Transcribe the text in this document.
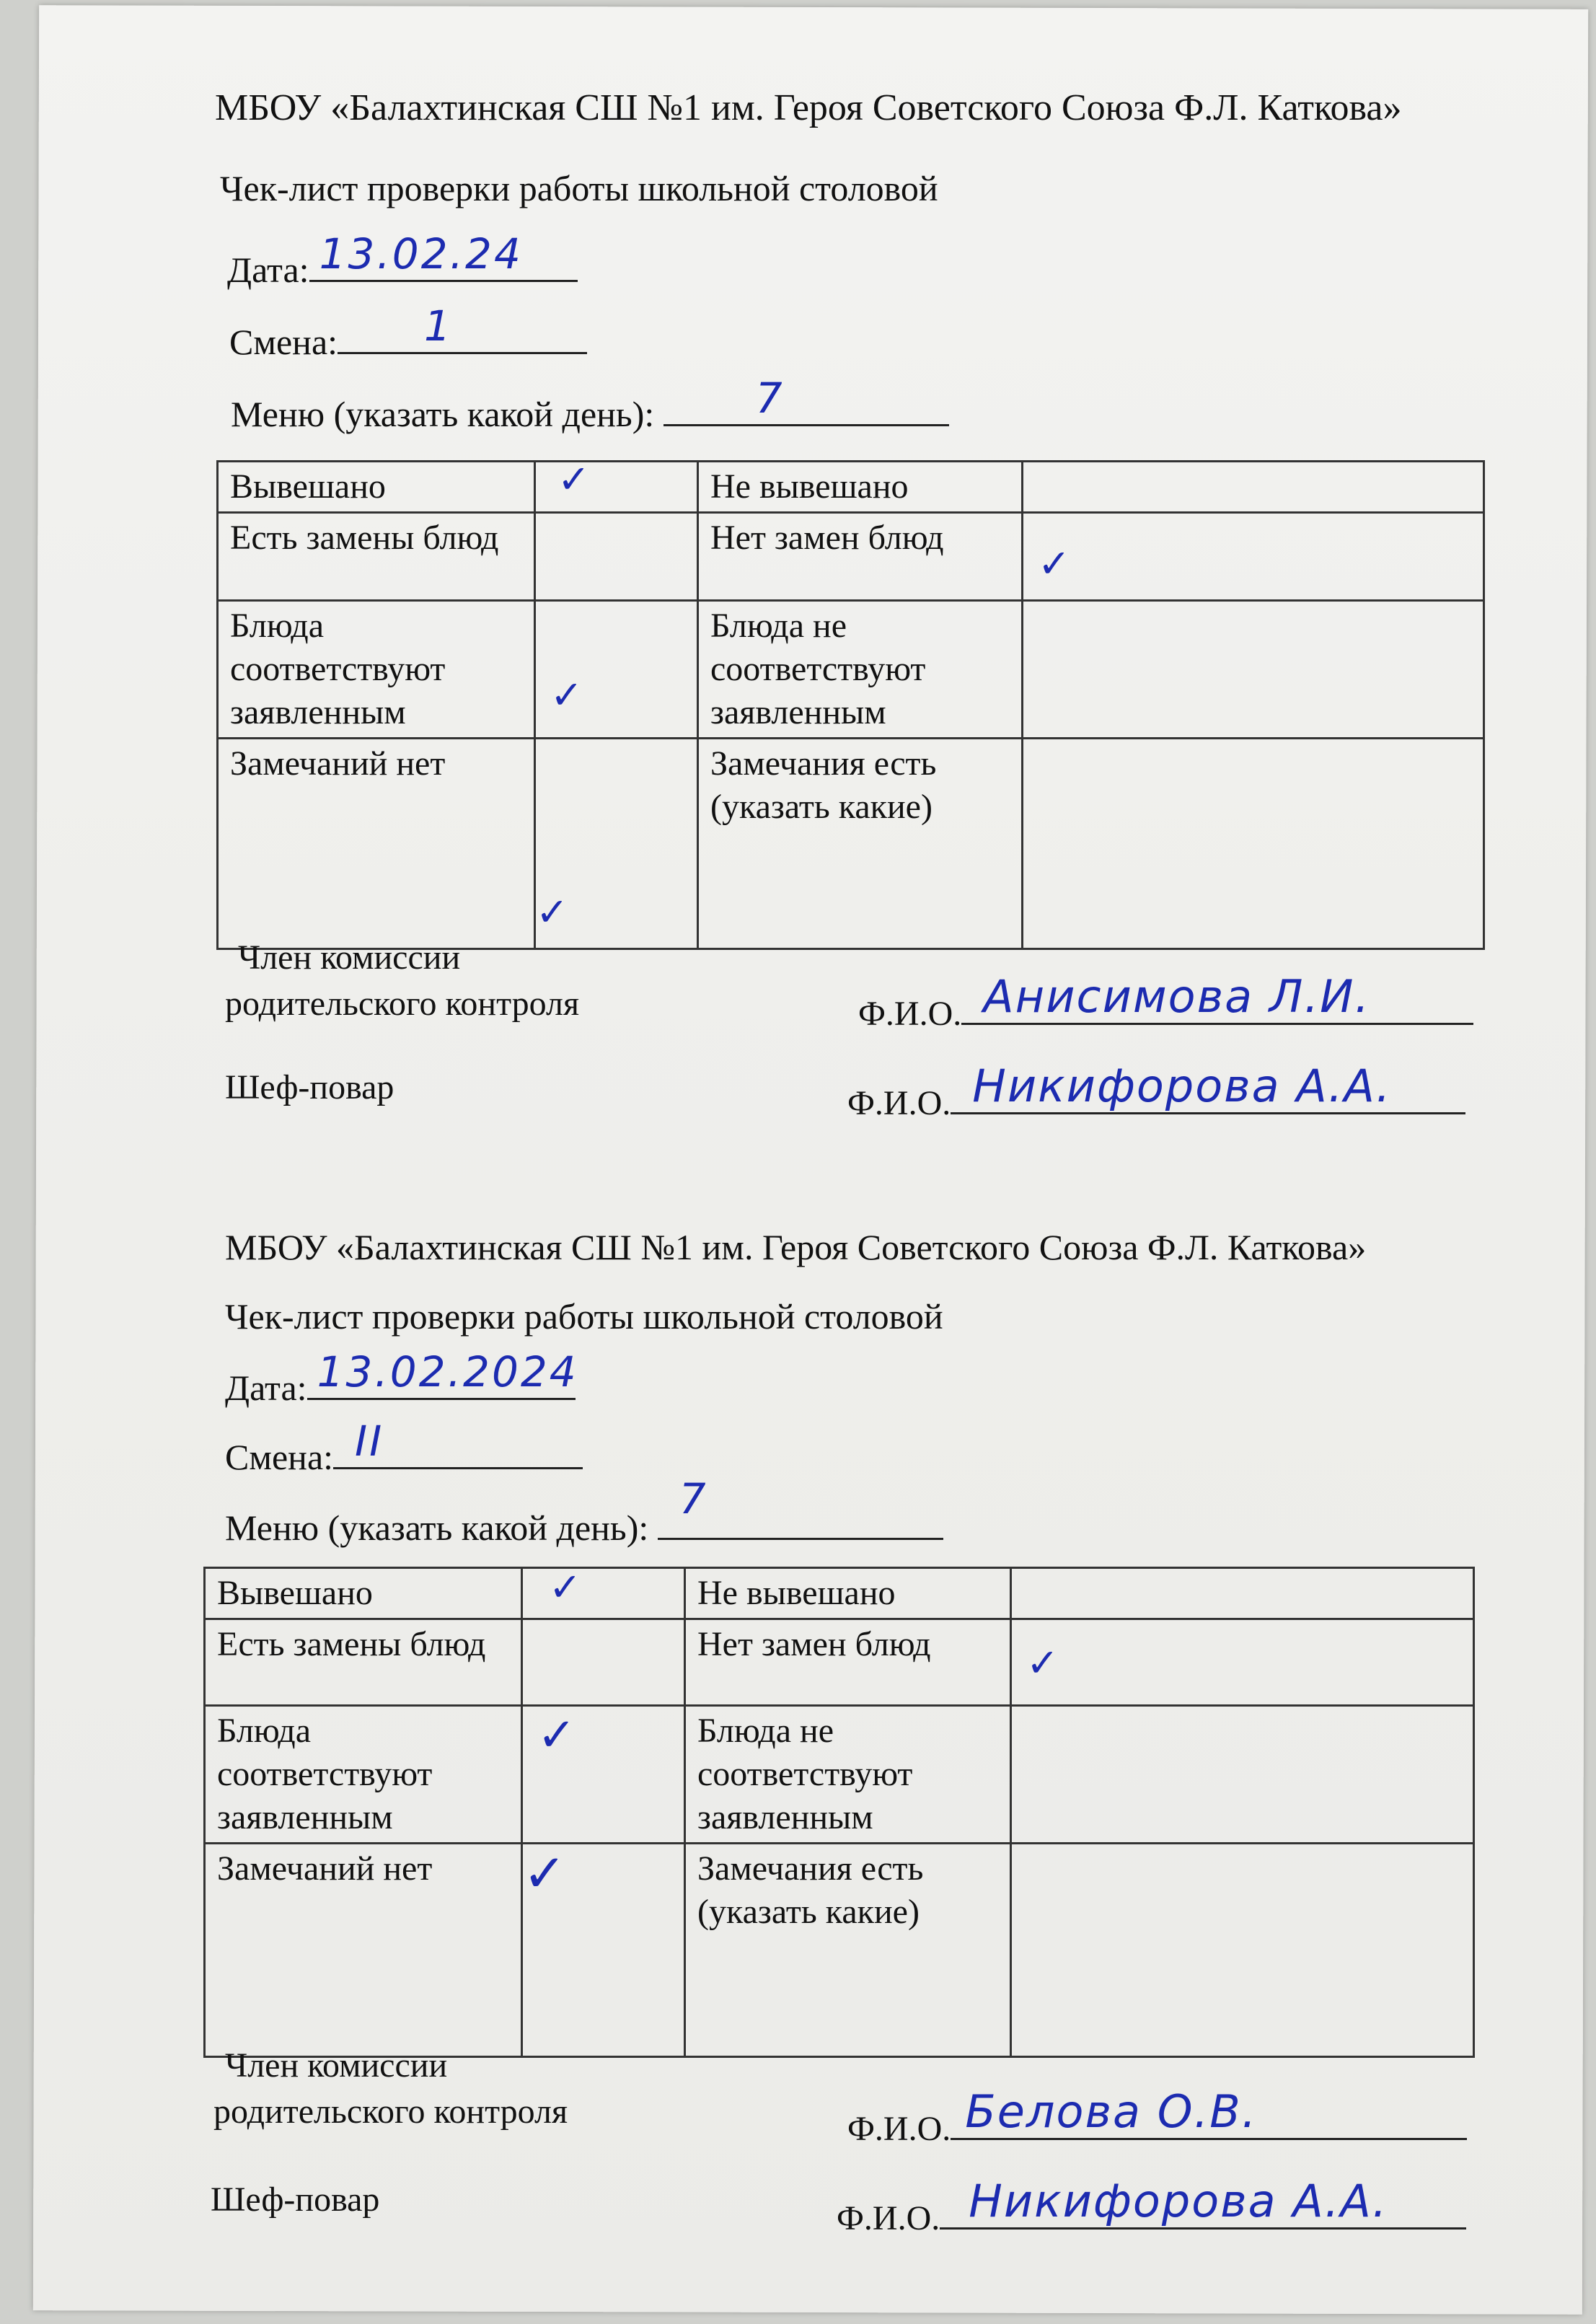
МБОУ «Балахтинская СШ №1 им. Героя Советского Союза Ф.Л. Каткова»
Чек-лист проверки работы школьной столовой
Дата: 13.02.24
Смена: 1
Меню (указать какой день): 7
Вывешано	✓	Не вывешано	

Есть замены блюд		Нет замен блюд	✓

Блюда соответствуют заявленным	✓	Блюда не соответствуют заявленным	

Замечаний нет	✓	Замечания есть (указать какие)	
Член комиссии
родительского контроля	Ф.И.О. Анисимова Л.И.
Шеф-повар	Ф.И.О. Никифорова А.А.
МБОУ «Балахтинская СШ №1 им. Героя Советского Союза Ф.Л. Каткова»
Чек-лист проверки работы школьной столовой
Дата: 13.02.2024
Смена: II
Меню (указать какой день):
7
Вывешано	✓	Не вывешано	

Есть замены блюд		Нет замен блюд	✓

Блюда соответствуют заявленным	✓	Блюда не соответствуют заявленным	

Замечаний нет	✓	Замечания есть (указать какие)	
Член комиссии
родительского контроля	Ф.И.О. Белова О.В.
Шеф-повар	Ф.И.О. Никифорова А.А.
